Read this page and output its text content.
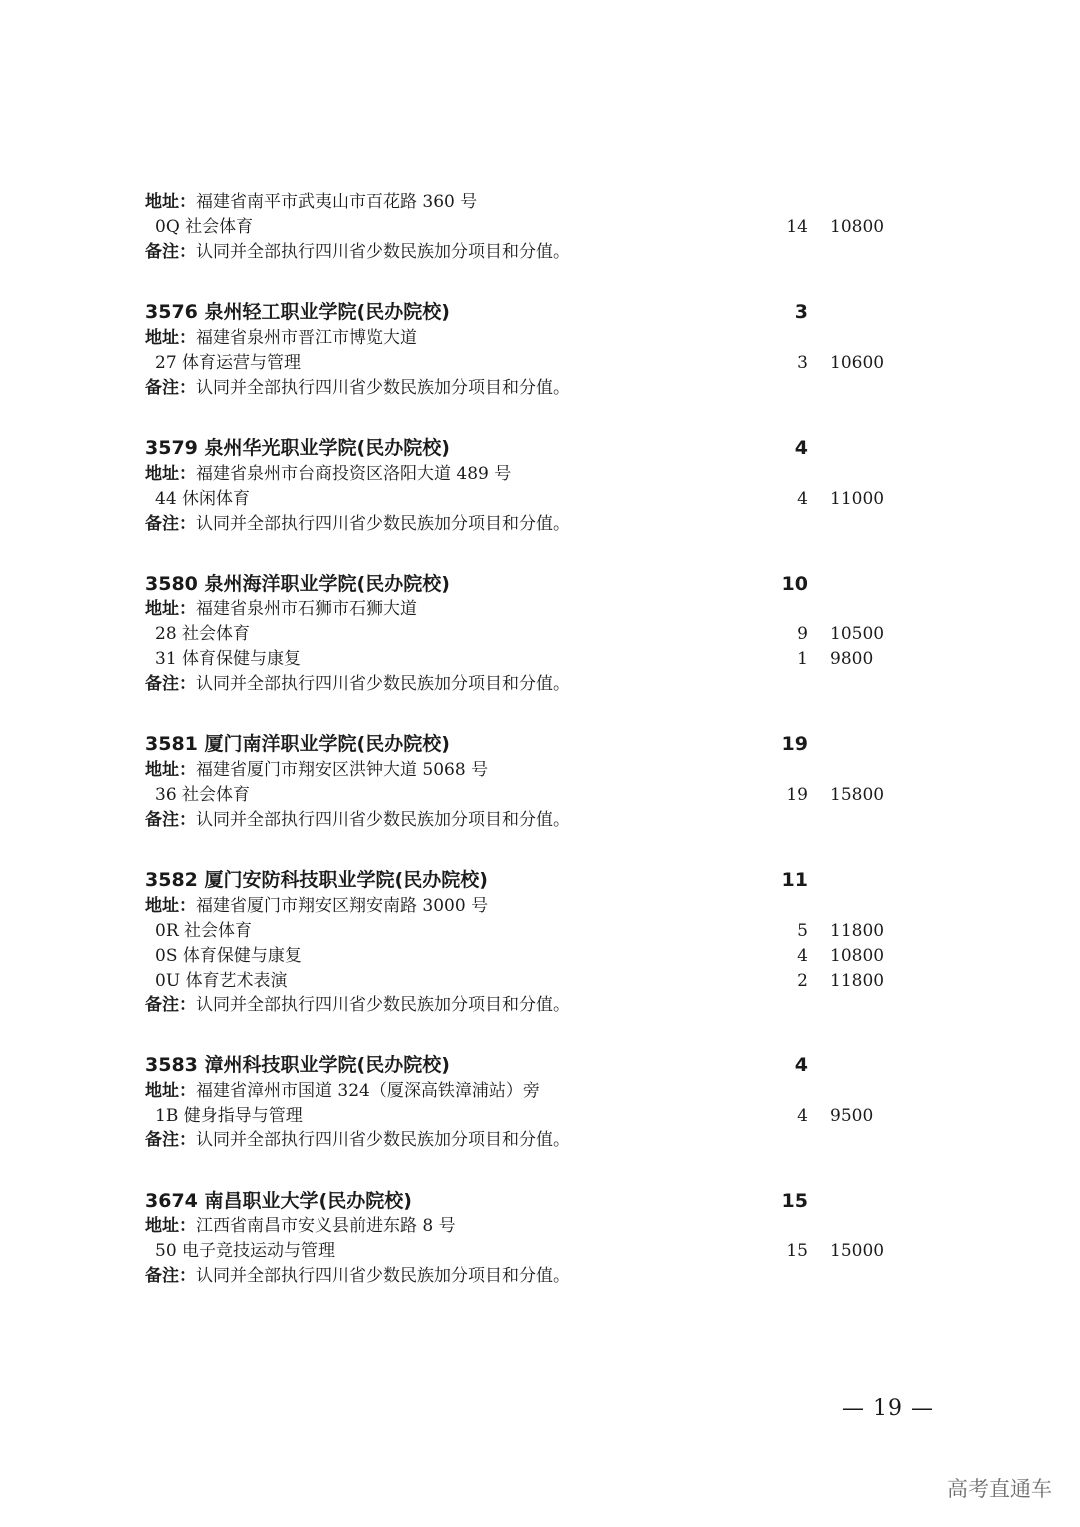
地址：福建省南平市武夷山市百花路 360 号
0Q 社会体育	14 10800
备注：认同并全部执行四川省少数民族加分项目和分值。
3576 泉州轻工职业学院(民办院校)	3
地址：福建省泉州市晋江市博览大道
27 体育运营与管理	3 10600
备注：认同并全部执行四川省少数民族加分项目和分值。
3579 泉州华光职业学院(民办院校)	4
地址：福建省泉州市台商投资区洛阳大道 489 号
44 休闲体育	4 11000
备注：认同并全部执行四川省少数民族加分项目和分值。
3580 泉州海洋职业学院(民办院校)	10
地址：福建省泉州市石狮市石狮大道
28 社会体育	9 10500
31 体育保健与康复	1 9800
备注：认同并全部执行四川省少数民族加分项目和分值。
3581 厦门南洋职业学院(民办院校)	19
地址：福建省厦门市翔安区洪钟大道 5068 号
36 社会体育	19 15800
备注：认同并全部执行四川省少数民族加分项目和分值。
3582 厦门安防科技职业学院(民办院校)	11
地址：福建省厦门市翔安区翔安南路 3000 号
0R 社会体育	5 11800
0S 体育保健与康复	4 10800
0U 体育艺术表演	2 11800
备注：认同并全部执行四川省少数民族加分项目和分值。
3583 漳州科技职业学院(民办院校)	4
地址：福建省漳州市国道 324（厦深高铁漳浦站）旁
1B 健身指导与管理	4 9500
备注：认同并全部执行四川省少数民族加分项目和分值。
3674 南昌职业大学(民办院校)	15
地址：江西省南昌市安义县前进东路 8 号
50 电子竞技运动与管理	15 15000
备注：认同并全部执行四川省少数民族加分项目和分值。
— 19 —
高考直通车
